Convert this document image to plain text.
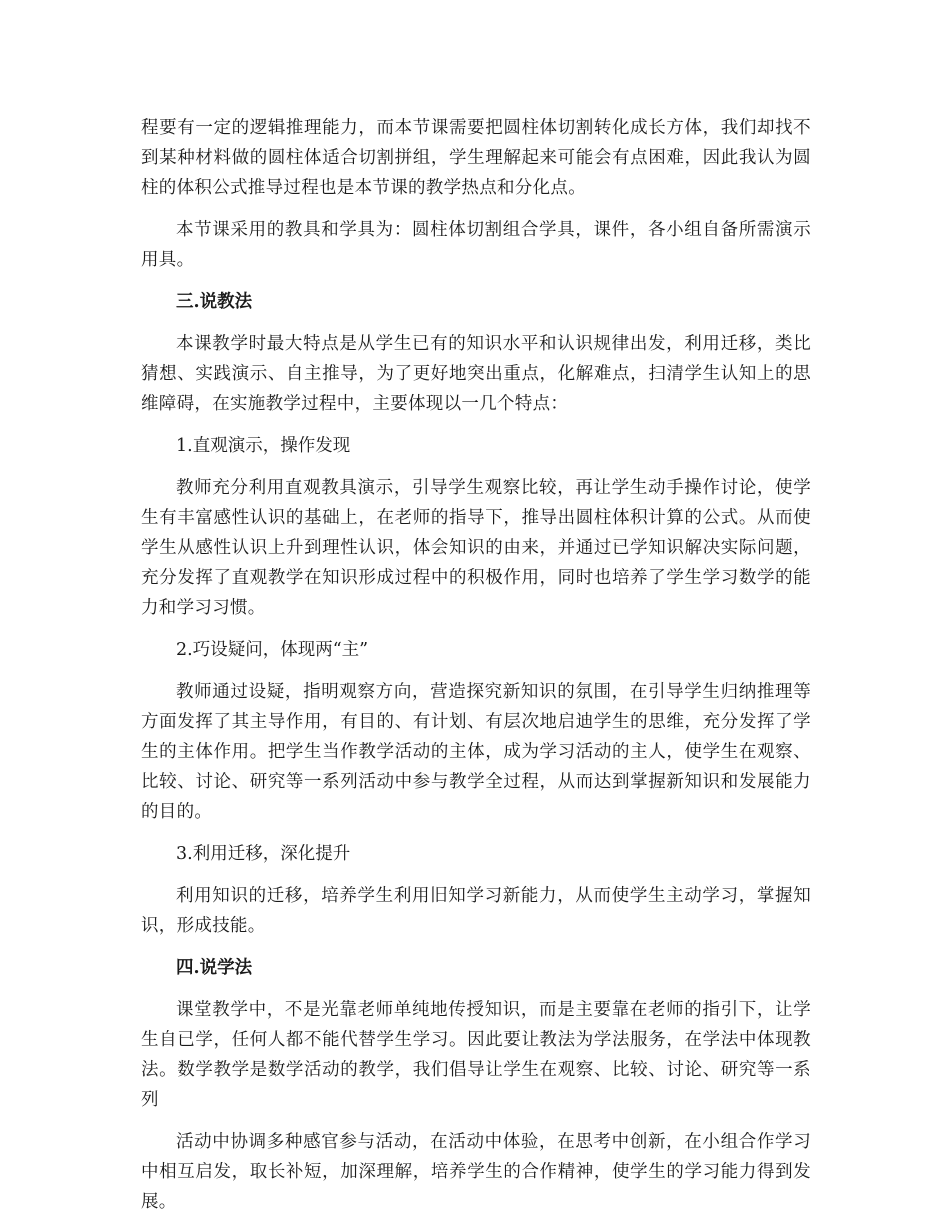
程要有一定的逻辑推理能力，而本节课需要把圆柱体切割转化成长方体，我们却找不到某种材料做的圆柱体适合切割拼组，学生理解起来可能会有点困难，因此我认为圆柱的体积公式推导过程也是本节课的教学热点和分化点。

本节课采用的教具和学具为：圆柱体切割组合学具，课件，各小组自备所需演示用具。

三.说教法

本课教学时最大特点是从学生已有的知识水平和认识规律出发，利用迁移，类比猜想、实践演示、自主推导，为了更好地突出重点，化解难点，扫清学生认知上的思维障碍，在实施教学过程中，主要体现以一几个特点：

1.直观演示，操作发现

教师充分利用直观教具演示，引导学生观察比较，再让学生动手操作讨论，使学生有丰富感性认识的基础上，在老师的指导下，推导出圆柱体积计算的公式。从而使学生从感性认识上升到理性认识，体会知识的由来，并通过已学知识解决实际问题，充分发挥了直观教学在知识形成过程中的积极作用，同时也培养了学生学习数学的能力和学习习惯。

2.巧设疑问，体现两“主”

教师通过设疑，指明观察方向，营造探究新知识的氛围，在引导学生归纳推理等方面发挥了其主导作用，有目的、有计划、有层次地启迪学生的思维，充分发挥了学生的主体作用。把学生当作教学活动的主体，成为学习活动的主人，使学生在观察、比较、讨论、研究等一系列活动中参与教学全过程，从而达到掌握新知识和发展能力的目的。

3.利用迁移，深化提升

利用知识的迁移，培养学生利用旧知学习新能力，从而使学生主动学习，掌握知识，形成技能。

四.说学法

课堂教学中，不是光靠老师单纯地传授知识，而是主要靠在老师的指引下，让学生自已学，任何人都不能代替学生学习。因此要让教法为学法服务，在学法中体现教法。数学教学是数学活动的教学，我们倡导让学生在观察、比较、讨论、研究等一系列

活动中协调多种感官参与活动，在活动中体验，在思考中创新，在小组合作学习中相互启发，取长补短，加深理解，培养学生的合作精神，使学生的学习能力得到发展。
